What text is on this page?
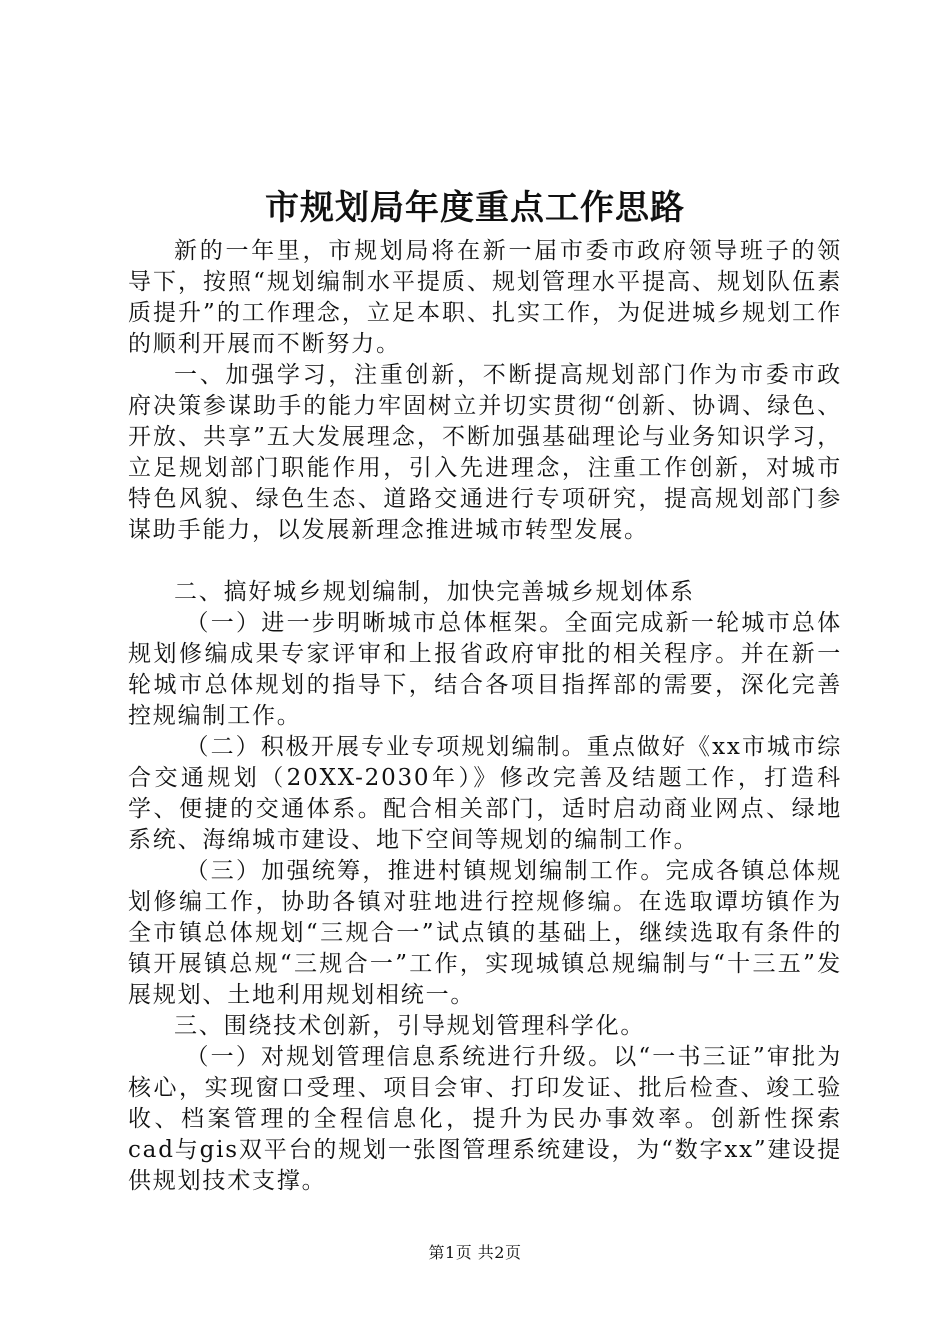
市规划局年度重点工作思路

新的一年里，市规划局将在新一届市委市政府领导班子的领导下，按照“规划编制水平提质、规划管理水平提高、规划队伍素质提升”的工作理念，立足本职、扎实工作，为促进城乡规划工作的顺利开展而不断努力。

一、加强学习，注重创新，不断提高规划部门作为市委市政府决策参谋助手的能力牢固树立并切实贯彻“创新、协调、绿色、开放、共享”五大发展理念，不断加强基础理论与业务知识学习，立足规划部门职能作用，引入先进理念，注重工作创新，对城市特色风貌、绿色生态、道路交通进行专项研究，提高规划部门参谋助手能力，以发展新理念推进城市转型发展。

二、搞好城乡规划编制，加快完善城乡规划体系

（一）进一步明晰城市总体框架。全面完成新一轮城市总体规划修编成果专家评审和上报省政府审批的相关程序。并在新一轮城市总体规划的指导下，结合各项目指挥部的需要，深化完善控规编制工作。

（二）积极开展专业专项规划编制。重点做好《xx市城市综合交通规划（20XX-2030年）》修改完善及结题工作，打造科学、便捷的交通体系。配合相关部门，适时启动商业网点、绿地系统、海绵城市建设、地下空间等规划的编制工作。

（三）加强统筹，推进村镇规划编制工作。完成各镇总体规划修编工作，协助各镇对驻地进行控规修编。在选取谭坊镇作为全市镇总体规划“三规合一”试点镇的基础上，继续选取有条件的镇开展镇总规“三规合一”工作，实现城镇总规编制与“十三五”发展规划、土地利用规划相统一。

三、围绕技术创新，引导规划管理科学化。

（一）对规划管理信息系统进行升级。以“一书三证”审批为核心，实现窗口受理、项目会审、打印发证、批后检查、竣工验收、档案管理的全程信息化，提升为民办事效率。创新性探索cad与gis双平台的规划一张图管理系统建设，为“数字xx”建设提供规划技术支撑。

第1页 共2页
